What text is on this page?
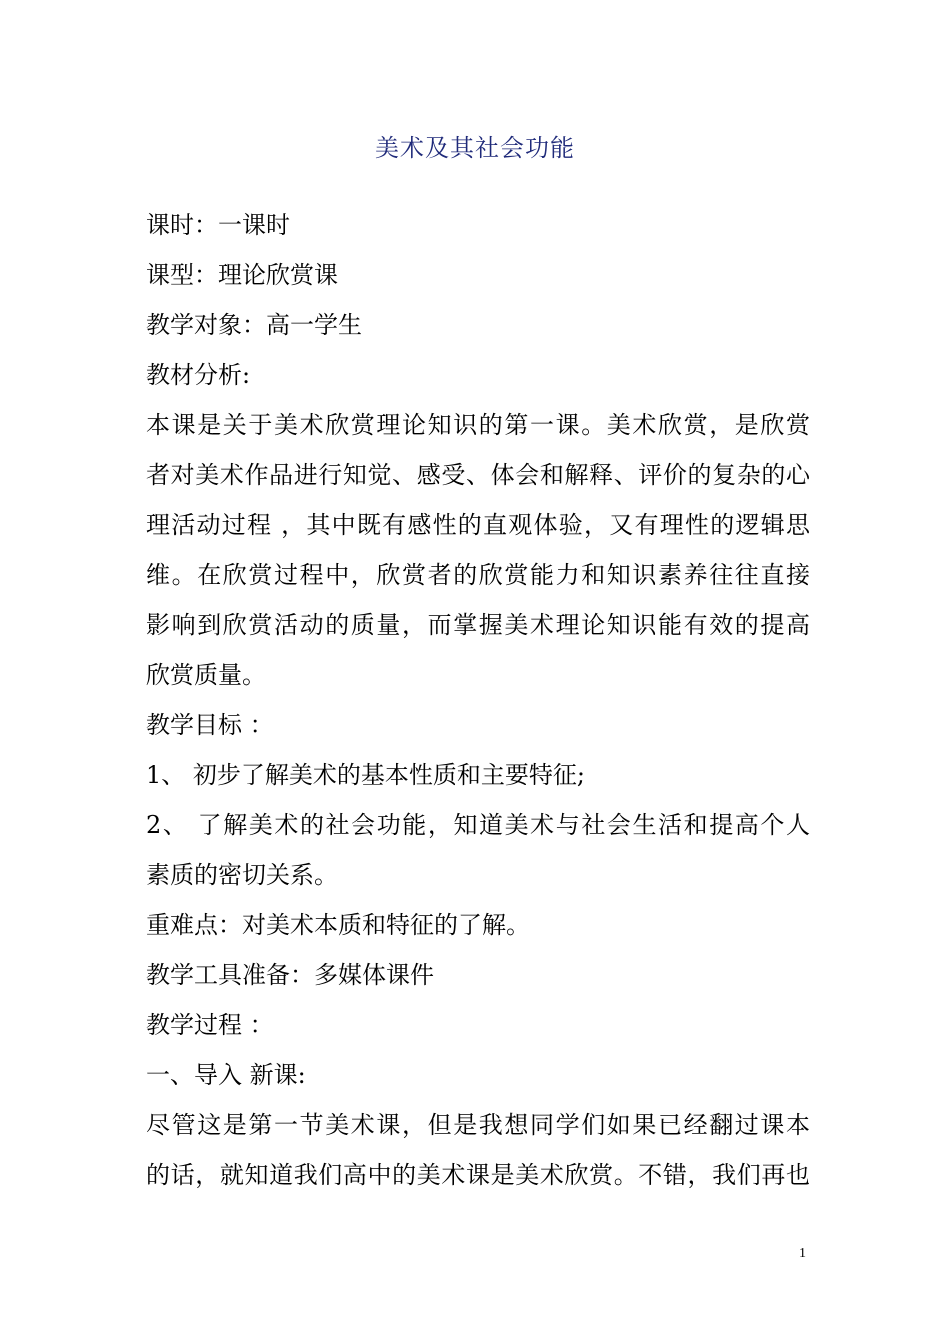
美术及其社会功能
课时：一课时
课型：理论欣赏课
教学对象：高一学生
教材分析:
本课是关于美术欣赏理论知识的第一课。美术欣赏，是欣赏
者对美术作品进行知觉、感受、体会和解释、评价的复杂的心
理活动过程 ，其中既有感性的直观体验，又有理性的逻辑思
维。在欣赏过程中，欣赏者的欣赏能力和知识素养往往直接
影响到欣赏活动的质量，而掌握美术理论知识能有效的提高
欣赏质量。
教学目标 ：
1、 初步了解美术的基本性质和主要特征;
2、 了解美术的社会功能，知道美术与社会生活和提高个人
素质的密切关系。
重难点：对美术本质和特征的了解。
教学工具准备：多媒体课件
教学过程 ：
一、导入 新课:
尽管这是第一节美术课，但是我想同学们如果已经翻过课本
的话，就知道我们高中的美术课是美术欣赏。不错，我们再也
1
